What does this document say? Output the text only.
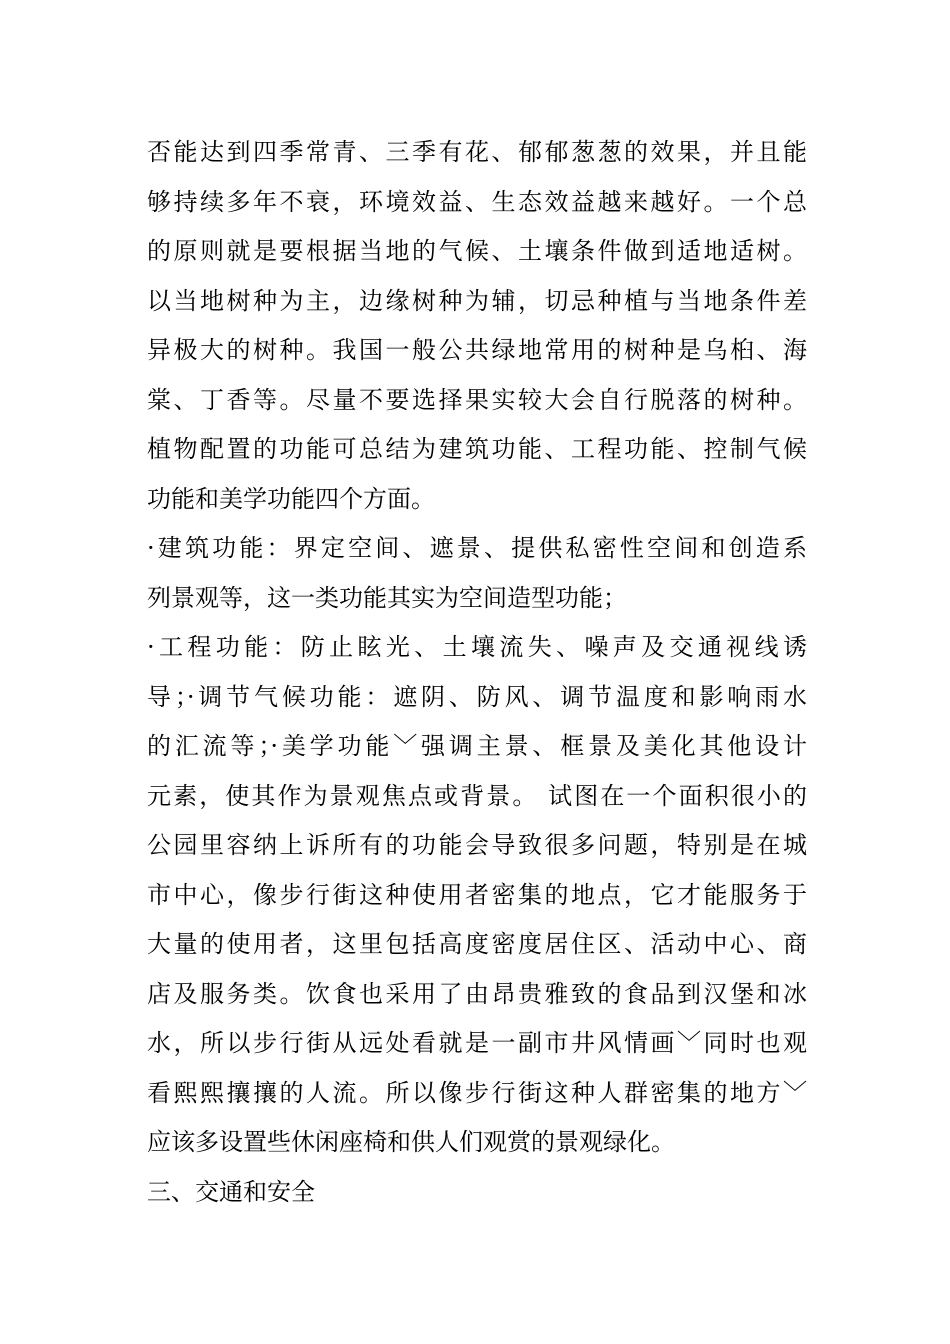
否能达到四季常青、三季有花、郁郁葱葱的效果，并且能
够持续多年不衰，环境效益、生态效益越来越好。一个总
的原则就是要根据当地的气候、土壤条件做到适地适树。
以当地树种为主，边缘树种为辅，切忌种植与当地条件差
异极大的树种。我国一般公共绿地常用的树种是乌桕、海
棠、丁香等。尽量不要选择果实较大会自行脱落的树种。
植物配置的功能可总结为建筑功能、工程功能、控制气候
功能和美学功能四个方面。
·建筑功能：界定空间、遮景、提供私密性空间和创造系
列景观等，这一类功能其实为空间造型功能；
·工程功能：防止眩光、土壤流失、噪声及交通视线诱
导；·调节气候功能：遮阴、防风、调节温度和影响雨水
的汇流等；·美学功能﹀强调主景、框景及美化其他设计
元素，使其作为景观焦点或背景。 试图在一个面积很小的
公园里容纳上诉所有的功能会导致很多问题，特别是在城
市中心，像步行街这种使用者密集的地点，它才能服务于
大量的使用者，这里包括高度密度居住区、活动中心、商
店及服务类。饮食也采用了由昂贵雅致的食品到汉堡和冰
水，所以步行街从远处看就是一副市井风情画﹀同时也观
看熙熙攘攘的人流。所以像步行街这种人群密集的地方﹀
应该多设置些休闲座椅和供人们观赏的景观绿化。
三、交通和安全
